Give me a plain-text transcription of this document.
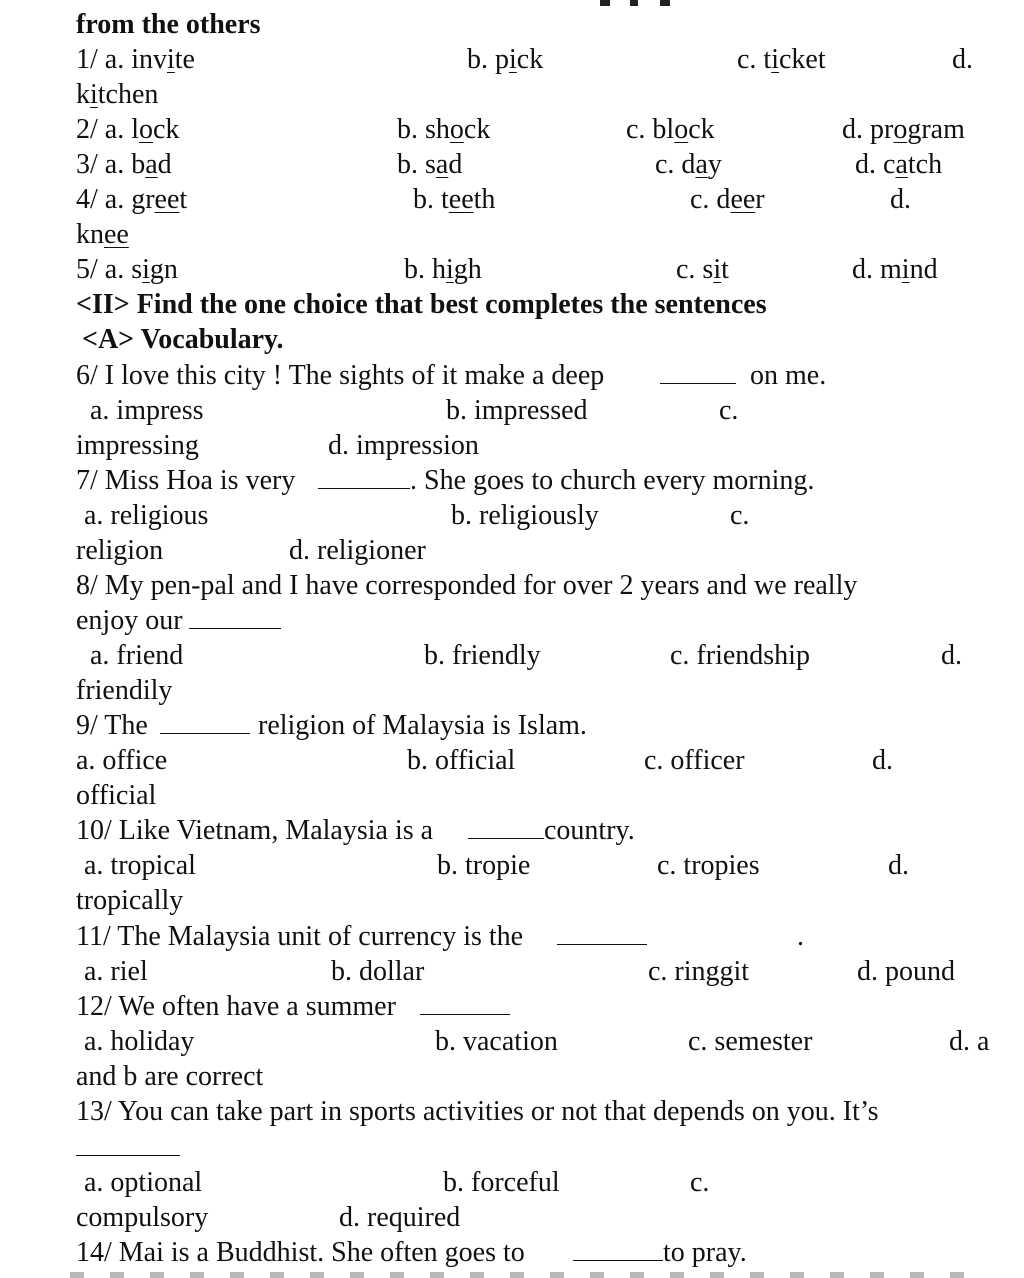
from the others
1/ a. invite	b. pick	c. ticket	d.
kitchen
2/ a. lock	b. shock	c. block	d. program
3/ a. bad	b. sad	c. day	d. catch
4/ a. greet	b. teeth	c. deer	d.
knee
5/ a. sign	b. high	c. sit	d. mind
<II> Find the one choice that best completes the sentences
<A> Vocabulary.
6/ I love this city ! The sights of it make a deep	on me.
a. impress	b. impressed	c.
impressing	d. impression
7/ Miss Hoa is very	. She goes to church every morning.
a. religious	b. religiously	c.
religion	d. religioner
8/ My pen-pal and I have corresponded for over 2 years and we really
enjoy our
a. friend	b. friendly	c. friendship	d.
friendily
9/ The	religion of Malaysia is Islam.
a. office	b. official	c. officer	d.
official
10/ Like Vietnam, Malaysia is a	country.
a. tropical	b. tropie	c. tropies	d.
tropically
11/ The Malaysia unit of currency is the	.
a. riel	b. dollar	c. ringgit	d. pound
12/ We often have a summer
a. holiday	b. vacation	c. semester	d. a
and b are correct
13/ You can take part in sports activities or not that depends on you. It’s
a. optional	b. forceful	c.
compulsory	d. required
14/ Mai is a Buddhist. She often goes to	to pray.
